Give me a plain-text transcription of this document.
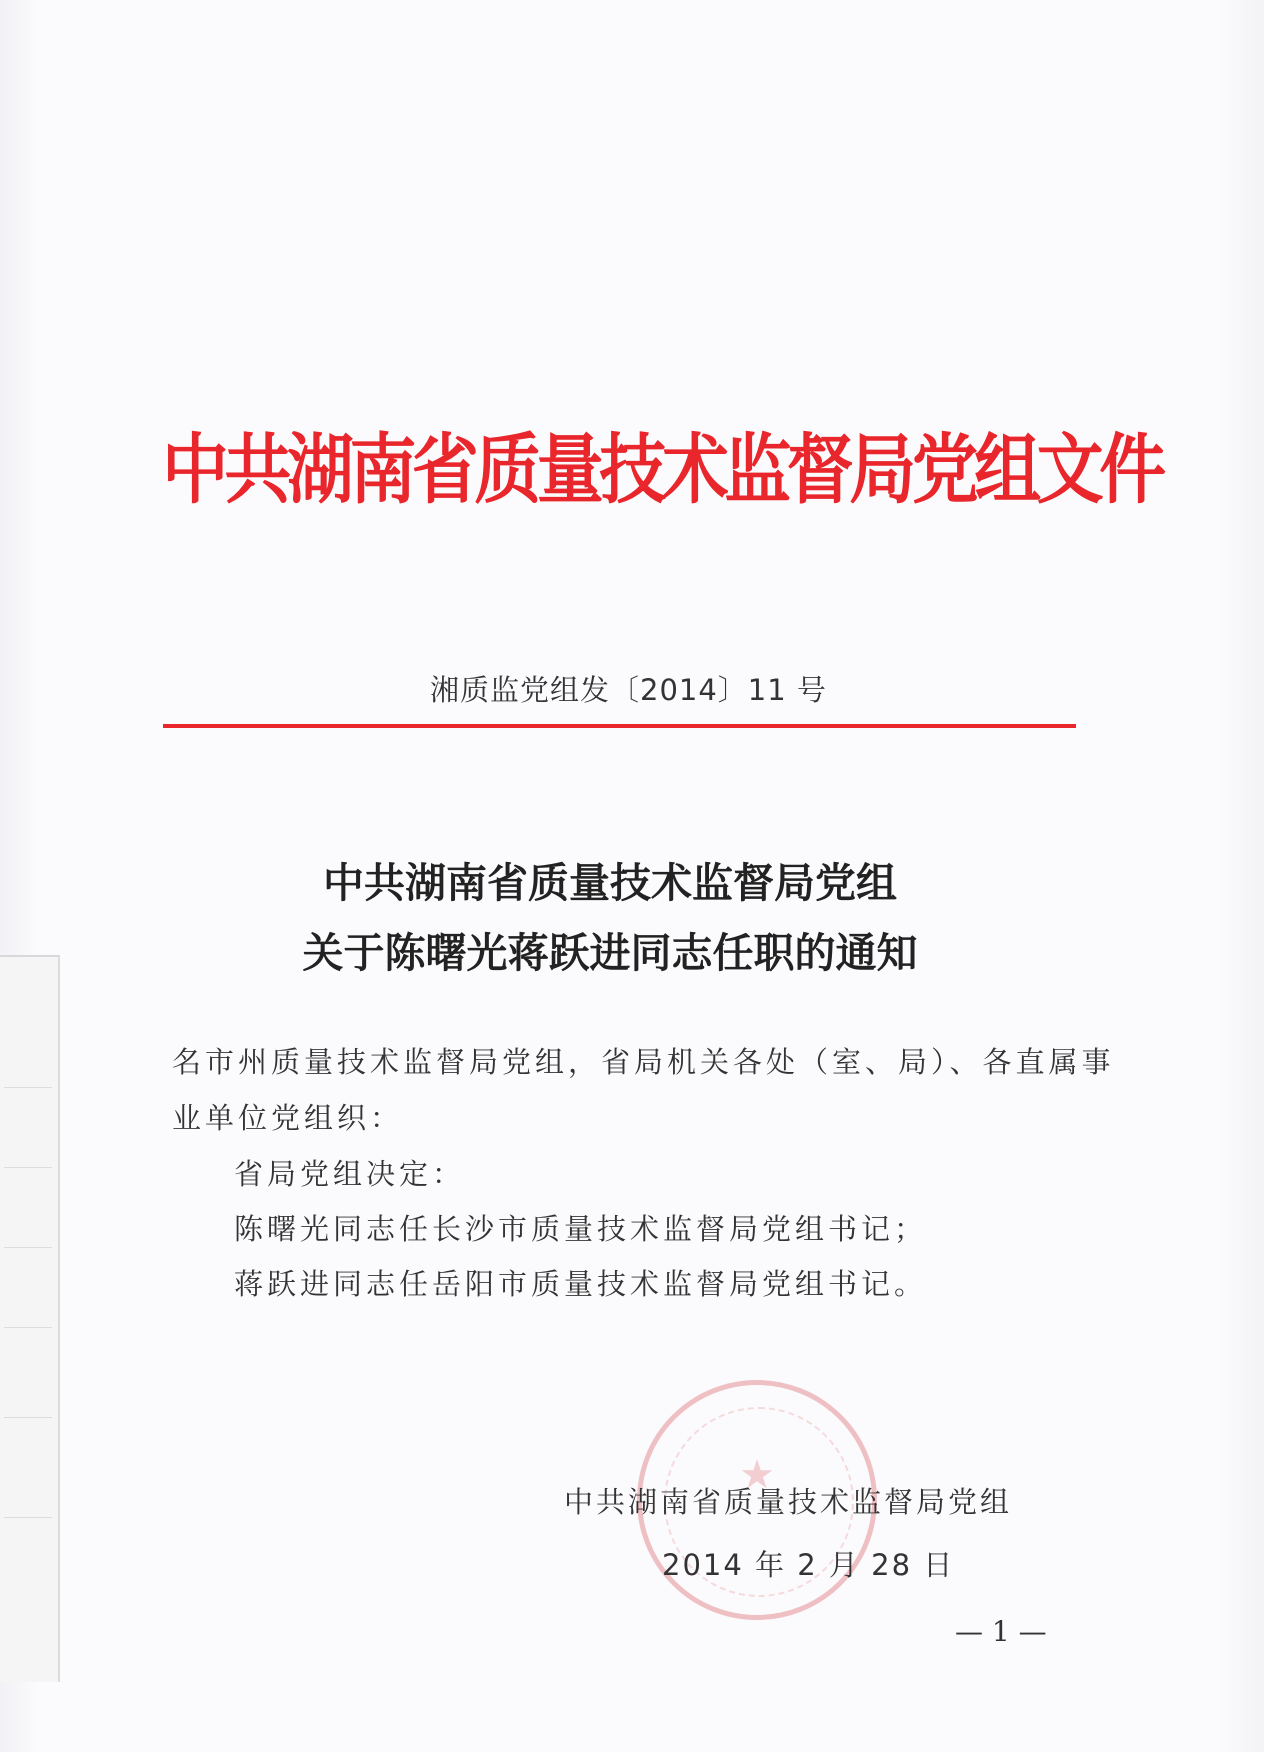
中共湖南省质量技术监督局党组文件
湘质监党组发〔2014〕11 号
中共湖南省质量技术监督局党组
关于陈曙光蒋跃进同志任职的通知
名市州质量技术监督局党组，省局机关各处（室、局）、各直属事
业单位党组织：
省局党组决定：
陈曙光同志任长沙市质量技术监督局党组书记；
蒋跃进同志任岳阳市质量技术监督局党组书记。
★
中共湖南省质量技术监督局党组
2014 年 2 月 28 日
— 1 —
